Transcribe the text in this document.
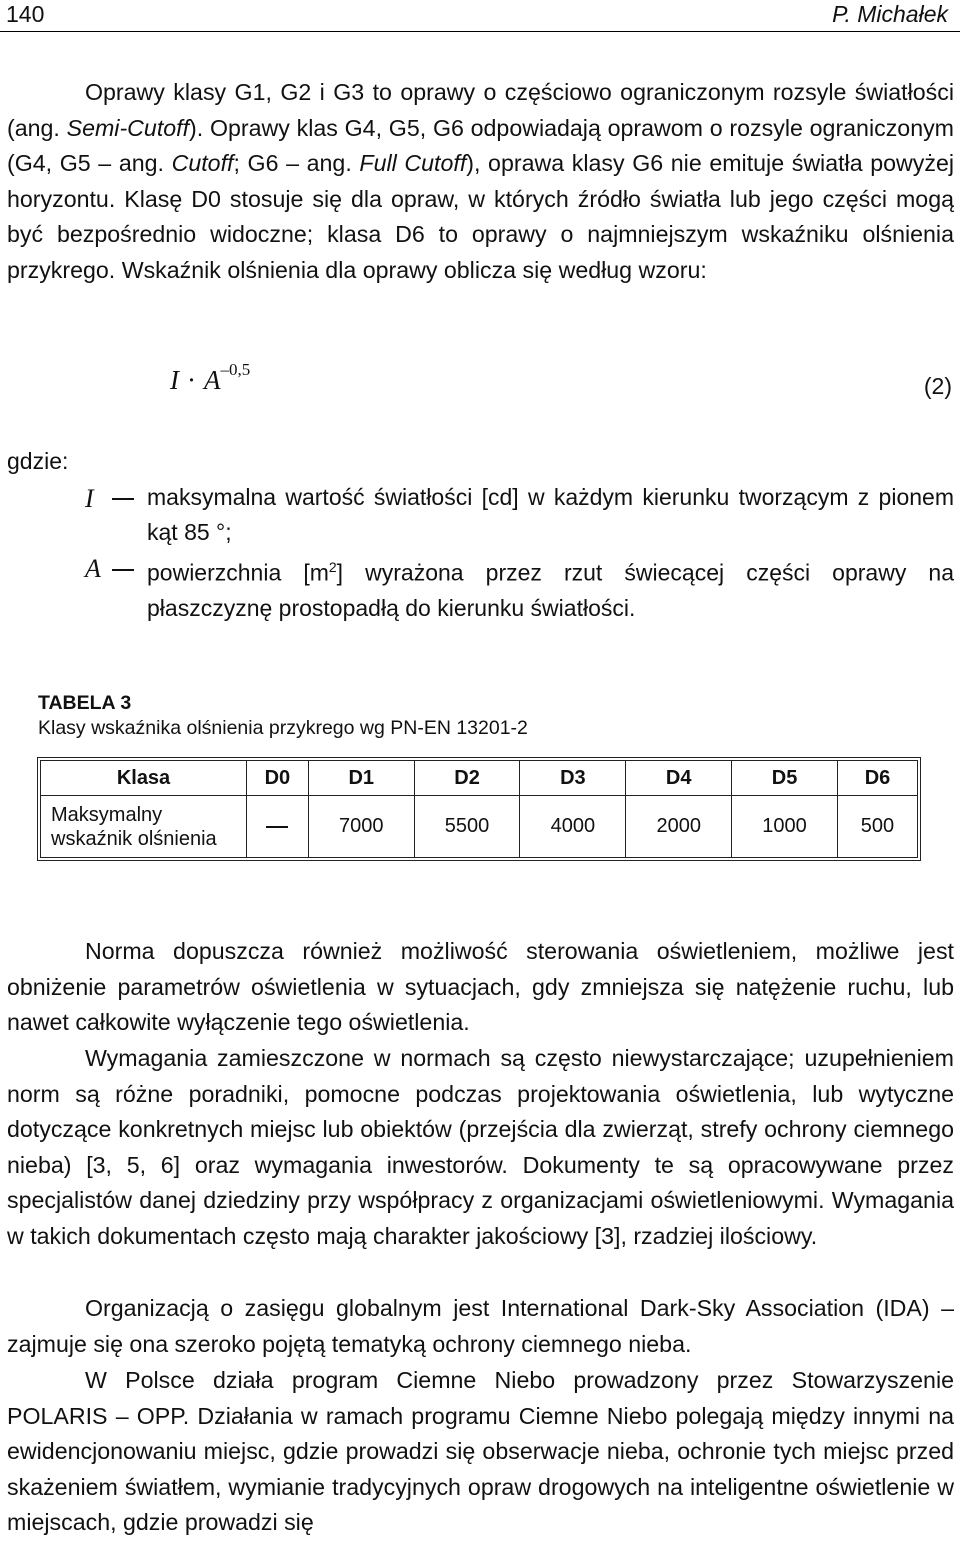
140	P. Michałek

Oprawy klasy G1, G2 i G3 to oprawy o częściowo ograniczonym rozsyle światłości (ang. Semi-Cutoff). Oprawy klas G4, G5, G6 odpowiadają oprawom o rozsyle ograniczonym (G4, G5 – ang. Cutoff; G6 – ang. Full Cutoff), oprawa klasy G6 nie emituje światła powyżej horyzontu. Klasę D0 stosuje się dla opraw, w których źródło światła lub jego części mogą być bezpośrednio widoczne; klasa D6 to oprawy o najmniejszym wskaźniku olśnienia przykrego. Wskaźnik olśnienia dla oprawy oblicza się według wzoru:

$I \cdot A^{-0,5}$
(2)
gdzie:
I maksymalna wartość światłości [cd] w każdym kierunku tworzącym z pionem kąt 85 °;

A powierzchnia $[m^2]$ wyrażona przez rzut świecącej części oprawy na płaszczyznę prostopadłą do kierunku światłości.

TABELA 3
Klasy wskaźnika olśnienia przykrego wg PN-EN 13201-2
Klasa	D0	D1	D2	D3	D4	D5	D6
Maksymalny
wskaźnik olśnienia		7000	5500	4000	2000	1000	500

Norma dopuszcza również możliwość sterowania oświetleniem, możliwe jest obniżenie parametrów oświetlenia w sytuacjach, gdy zmniejsza się natężenie ruchu, lub nawet całkowite wyłączenie tego oświetlenia.

Wymagania zamieszczone w normach są często niewystarczające; uzupełnieniem norm są różne poradniki, pomocne podczas projektowania oświetlenia, lub wytyczne dotyczące konkretnych miejsc lub obiektów (przejścia dla zwierząt, strefy ochrony ciemnego nieba) [3, 5, 6] oraz wymagania inwestorów. Dokumenty te są opracowywane przez specjalistów danej dziedziny przy współpracy z organizacjami oświetleniowymi. Wymagania w takich dokumentach często mają charakter jakościowy [3], rzadziej ilościowy.

Organizacją o zasięgu globalnym jest International Dark-Sky Association (IDA) – zajmuje się ona szeroko pojętą tematyką ochrony ciemnego nieba.

W Polsce działa program Ciemne Niebo prowadzony przez Stowarzyszenie POLARIS – OPP. Działania w ramach programu Ciemne Niebo polegają między innymi na ewidencjonowaniu miejsc, gdzie prowadzi się obserwacje nieba, ochronie tych miejsc przed skażeniem światłem, wymianie tradycyjnych opraw drogowych na inteligentne oświetlenie w miejscach, gdzie prowadzi się
